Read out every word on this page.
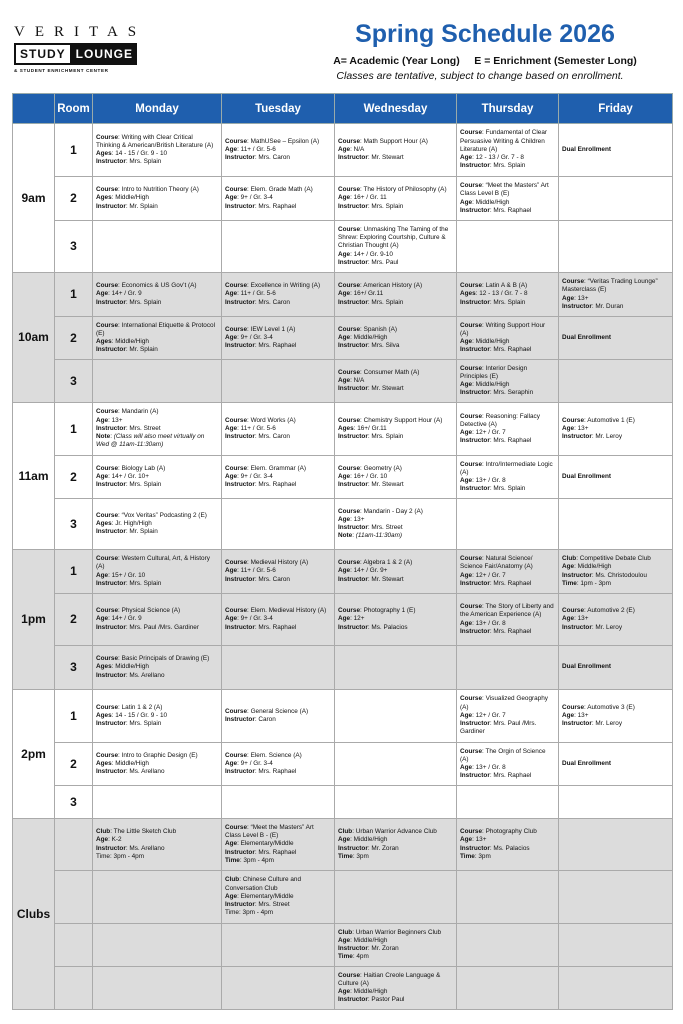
VERITAS
STUDY LOUNGE
& STUDENT ENRICHMENT CENTER
Spring Schedule 2026
A= Academic (Year Long)     E = Enrichment (Semester Long)
Classes are tentative, subject to change based on enrollment.
	Room	Monday	Tuesday	Wednesday	Thursday	Friday
9am	1	Course: Writing with Clear Critical Thinking & American/British Literature (A)
Ages: 14 - 15 / Gr. 9 - 10
Instructor: Mrs. Splain	Course: MathUSee – Epsilon (A)
Age: 11+ / Gr. 5-6
Instructor: Mrs. Caron	Course: Math Support Hour (A)
Age: N/A
Instructor: Mr. Stewart	Course: Fundamental of Clear Persuasive Writing & Children Literature (A)
Age: 12 - 13 / Gr. 7 - 8
Instructor: Mrs. Splain	Dual Enrollment

	2	Course: Intro to Nutrition Theory (A)
Ages: Middle/High
Instructor: Mr. Splain	Course: Elem. Grade Math (A)
Age: 9+ / Gr. 3-4
Instructor: Mrs. Raphael	Course: The History of Philosophy (A)
Age: 16+ / Gr. 11
Instructor: Mrs. Splain	Course: “Meet the Masters” Art Class Level B (E)
Age: Middle/High
Instructor: Mrs. Raphael	

	3			Course: Unmasking The Taming of the Shrew: Exploring Courtship, Culture & Christian Thought (A)
Age: 14+ / Gr. 9-10
Instructor: Mrs. Paul		

10am	1	Course: Economics & US Gov’t (A)
Age: 14+ / Gr. 9
Instructor: Mrs. Splain	Course: Excellence in Writing (A)
Age: 11+ / Gr. 5-6
Instructor: Mrs. Caron	Course: American History (A)
Age: 16+/ Gr.11
Instructor: Mrs. Splain	Course: Latin A & B (A)
Ages: 12 - 13 / Gr. 7 - 8
Instructor: Mrs. Splain	Course: “Veritas Trading Lounge” Masterclass (E)
Age: 13+
Instructor: Mr. Duran

	2	Course: International Etiquette & Protocol (E)
Ages: Middle/High
Instructor: Mr. Splain	Course: IEW Level 1 (A)
Age: 9+ / Gr. 3-4
Instructor: Mrs. Raphael	Course: Spanish (A)
Age: Middle/High
Instructor: Mrs. Silva	Course: Writing Support Hour (A)
Age: Middle/High
Instructor: Mrs. Raphael	Dual Enrollment

	3			Course: Consumer Math (A)
Age: N/A
Instructor: Mr. Stewart	Course: Interior Design Principles (E)
Age: Middle/High
Instructor: Mrs. Seraphin	

11am	1	Course: Mandarin (A)
Age: 13+
Instructor: Mrs. Street
Note: (Class will also meet virtually on Wed @ 11am-11:30am)	Course: Word Works (A)
Age: 11+ / Gr. 5-6
Instructor: Mrs. Caron	Course: Chemistry Support Hour (A)
Ages: 16+/ Gr.11
Instructor: Mrs. Splain	Course: Reasoning: Fallacy Detective (A)
Age: 12+ / Gr. 7
Instructor: Mrs. Raphael	Course: Automotive 1 (E)
Age: 13+
Instructor: Mr. Leroy

	2	Course: Biology Lab (A)
Age: 14+ / Gr. 10+
Instructor: Mrs. Splain	Course: Elem. Grammar (A)
Age: 9+ / Gr. 3-4
Instructor: Mrs. Raphael	Course: Geometry (A)
Age: 16+ / Gr. 10
Instructor: Mr. Stewart	Course: Intro/Intermediate Logic (A)
Age: 13+ / Gr. 8
Instructor: Mrs. Splain	Dual Enrollment

	3	Course: “Vox Veritas” Podcasting 2 (E)
Ages: Jr. High/High
Instructor: Mr. Splain		Course: Mandarin - Day 2 (A)
Age: 13+
Instructor: Mrs. Street
Note: (11am-11:30am)		

1pm	1	Course: Western Cultural, Art, & History (A)
Age: 15+ / Gr. 10
Instructor: Mrs. Splain	Course: Medieval History (A)
Age: 11+ / Gr. 5-6
Instructor: Mrs. Caron	Course: Algebra 1 & 2 (A)
Age: 14+ / Gr. 9+
Instructor: Mr. Stewart	Course: Natural Science/ Science Fair/Anatomy (A)
Age: 12+ / Gr. 7
Instructor: Mrs. Raphael	Club: Competitive Debate Club
Age: Middle/High
Instructor: Ms. Christodoulou
Time: 1pm - 3pm

	2	Course: Physical Science (A)
Age: 14+ / Gr. 9
Instructor: Mrs. Paul /Mrs. Gardiner	Course: Elem. Medieval History (A)
Age: 9+ / Gr. 3-4
Instructor: Mrs. Raphael	Course: Photography 1 (E)
Age: 12+
Instructor: Ms. Palacios	Course: The Story of Liberty and the American Experience (A)
Age: 13+ / Gr. 8
Instructor: Mrs. Raphael	Course: Automotive 2 (E)
Age: 13+
Instructor: Mr. Leroy

	3	Course: Basic Principals of Drawing (E)
Ages: Middle/High
Instructor: Ms. Arellano				Dual Enrollment

2pm	1	Course: Latin 1 & 2 (A)
Ages: 14 - 15 / Gr. 9 - 10
Instructor: Mrs. Splain	Course: General Science (A)
Instructor: Caron		Course: Visualized Geography (A)
Age: 12+ / Gr. 7
Instructor: Mrs. Paul /Mrs. Gardiner	Course: Automotive 3 (E)
Age: 13+
Instructor: Mr. Leroy

	2	Course: Intro to Graphic Design (E)
Ages: Middle/High
Instructor: Ms. Arellano	Course: Elem. Science (A)
Age: 9+ / Gr. 3-4
Instructor: Mrs. Raphael		Course: The Orgin of Science (A)
Age: 13+ / Gr. 8
Instructor: Mrs. Raphael	Dual Enrollment

	3					
Clubs		Club: The Little Sketch Club
Age: K-2
Instructor: Ms. Arellano
Time: 3pm - 4pm	Course: “Meet the Masters” Art Class Level B - (E)
Age: Elementary/Middle
Instructor: Mrs. Raphael
Time: 3pm - 4pm	Club: Urban Warrior Advance Club
Age: Middle/High
Instructor: Mr. Zoran
Time: 3pm	Course: Photography Club
Age: 13+
Instructor: Ms. Palacios
Time: 3pm	

			Club: Chinese Culture and Conversation Club
Age: Elementary/Middle
Instructor: Mrs. Street
Time: 3pm - 4pm			

				Club: Urban Warrior Beginners Club
Age: Middle/High
Instructor: Mr. Zoran
Time: 4pm		

				Course: Haitian Creole Language & Culture (A)
Age: Middle/High
Instructor: Pastor Paul		
